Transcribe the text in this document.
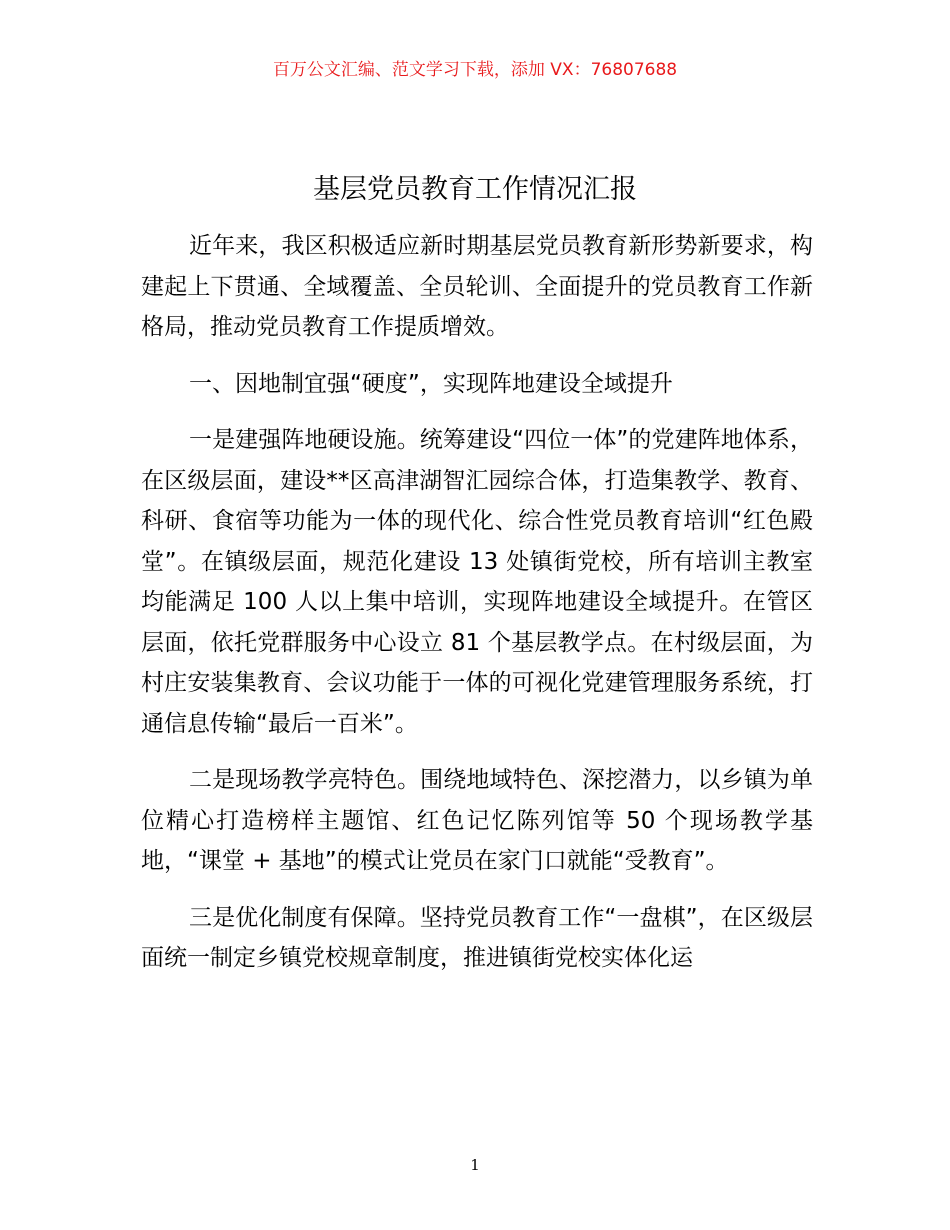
百万公文汇编、范文学习下载，添加 VX：76807688
基层党员教育工作情况汇报

近年来，我区积极适应新时期基层党员教育新形势新要求，构建起上下贯通、全域覆盖、全员轮训、全面提升的党员教育工作新格局，推动党员教育工作提质增效。

一、因地制宜强“硬度”，实现阵地建设全域提升

一是建强阵地硬设施。统筹建设“四位一体”的党建阵地体系，在区级层面，建设**区高津湖智汇园综合体，打造集教学、教育、科研、食宿等功能为一体的现代化、综合性党员教育培训“红色殿堂”。在镇级层面，规范化建设 13 处镇街党校，所有培训主教室均能满足 100 人以上集中培训，实现阵地建设全域提升。在管区层面，依托党群服务中心设立 81 个基层教学点。在村级层面，为村庄安装集教育、会议功能于一体的可视化党建管理服务系统，打通信息传输“最后一百米”。

二是现场教学亮特色。围绕地域特色、深挖潜力，以乡镇为单位精心打造榜样主题馆、红色记忆陈列馆等 50 个现场教学基地，“课堂 + 基地”的模式让党员在家门口就能“受教育”。

三是优化制度有保障。坚持党员教育工作“一盘棋”，在区级层面统一制定乡镇党校规章制度，推进镇街党校实体化运

1
